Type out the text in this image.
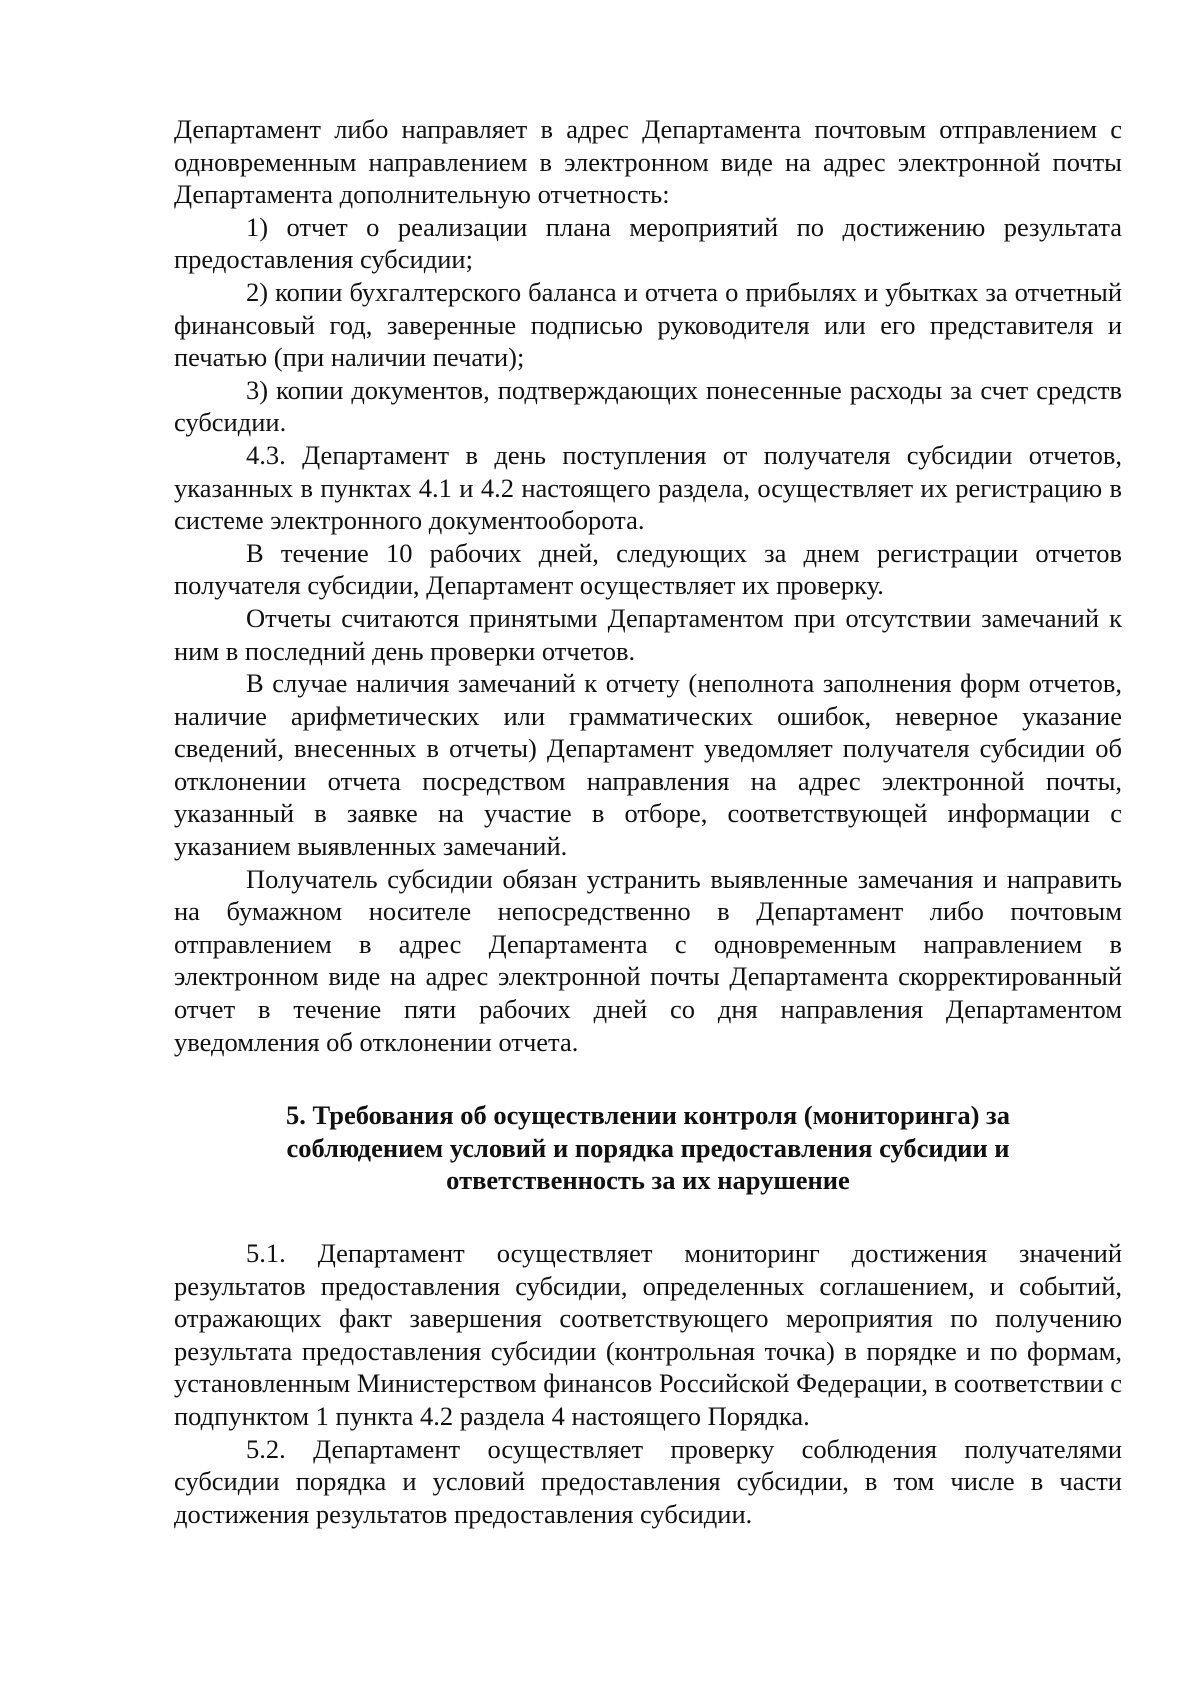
Департамент либо направляет в адрес Департамента почтовым отправлением с одновременным направлением в электронном виде на адрес электронной почты Департамента дополнительную отчетность:

1) отчет о реализации плана мероприятий по достижению результата предоставления субсидии;

2) копии бухгалтерского баланса и отчета о прибылях и убытках за отчетный финансовый год, заверенные подписью руководителя или его представителя и печатью (при наличии печати);

3) копии документов, подтверждающих понесенные расходы за счет средств субсидии.

4.3. Департамент в день поступления от получателя субсидии отчетов, указанных в пунктах 4.1 и 4.2 настоящего раздела, осуществляет их регистрацию в системе электронного документооборота.

В течение 10 рабочих дней, следующих за днем регистрации отчетов получателя субсидии, Департамент осуществляет их проверку.

Отчеты считаются принятыми Департаментом при отсутствии замечаний к ним в последний день проверки отчетов.

В случае наличия замечаний к отчету (неполнота заполнения форм отчетов, наличие арифметических или грамматических ошибок, неверное указание сведений, внесенных в отчеты) Департамент уведомляет получателя субсидии об отклонении отчета посредством направления на адрес электронной почты, указанный в заявке на участие в отборе, соответствующей информации с указанием выявленных замечаний.

Получатель субсидии обязан устранить выявленные замечания и направить на бумажном носителе непосредственно в Департамент либо почтовым отправлением в адрес Департамента с одновременным направлением в электронном виде на адрес электронной почты Департамента скорректированный отчет в течение пяти рабочих дней со дня направления Департаментом уведомления об отклонении отчета.

5. Требования об осуществлении контроля (мониторинга) за
соблюдением условий и порядка предоставления субсидии и
ответственность за их нарушение

5.1. Департамент осуществляет мониторинг достижения значений результатов предоставления субсидии, определенных соглашением, и событий, отражающих факт завершения соответствующего мероприятия по получению результата предоставления субсидии (контрольная точка) в порядке и по формам, установленным Министерством финансов Российской Федерации, в соответствии с подпунктом 1 пункта 4.2 раздела 4 настоящего Порядка.

5.2. Департамент осуществляет проверку соблюдения получателями субсидии порядка и условий предоставления субсидии, в том числе в части достижения результатов предоставления субсидии.
